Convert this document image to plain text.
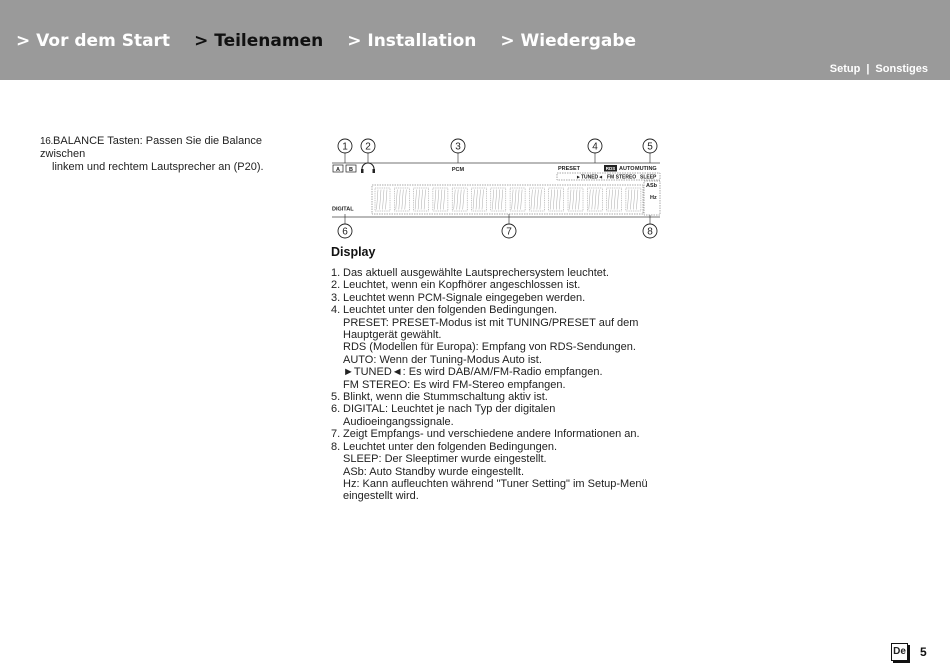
> Vor dem Start > Teilenamen > Installation > Wiedergabe
Setup | Sonstiges
16.BALANCE Tasten: Passen Sie die Balance zwischen
linkem und rechtem Lautsprecher an (P20).
1 2	3	4	5
A B	PCM	PRESET	RDS AUTO MUTING
►TUNED◄ FM STEREO SLEEP
ASb
Hz
DIGITAL
6	7	8
Display
1. Das aktuell ausgewählte Lautsprechersystem leuchtet.
2. Leuchtet, wenn ein Kopfhörer angeschlossen ist.
3. Leuchtet wenn PCM-Signale eingegeben werden.
4. Leuchtet unter den folgenden Bedingungen.
PRESET: PRESET-Modus ist mit TUNING/PRESET auf dem
Hauptgerät gewählt.
RDS (Modellen für Europa): Empfang von RDS-Sendungen.
AUTO: Wenn der Tuning-Modus Auto ist.
►TUNED◄: Es wird DAB/AM/FM-Radio empfangen.
FM STEREO: Es wird FM-Stereo empfangen.
5. Blinkt, wenn die Stummschaltung aktiv ist.
6. DIGITAL: Leuchtet je nach Typ der digitalen Audioeingangssignale.
7. Zeigt Empfangs- und verschiedene andere Informationen an.
8. Leuchtet unter den folgenden Bedingungen.
SLEEP: Der Sleeptimer wurde eingestellt.
ASb: Auto Standby wurde eingestellt.
Hz: Kann aufleuchten während "Tuner Setting" im Setup-Menü
eingestellt wird.
De 5
